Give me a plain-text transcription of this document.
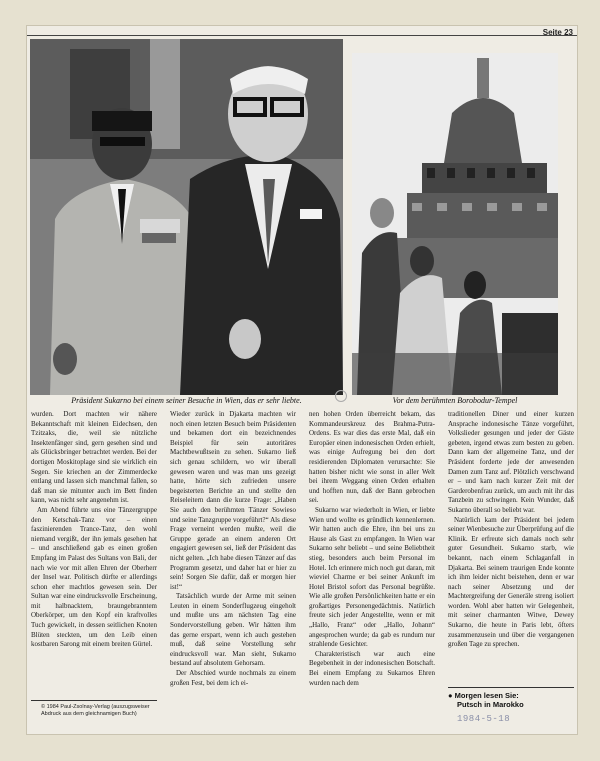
Seite 23
Präsident Sukarno bei einem seiner Besuche in Wien, das er sehr liebte.	Vor dem berühmten Borobodur-Tempel

wurden. Dort machten wir nähere Bekanntschaft mit kleinen Eidechsen, den Tzitzaks, die, weil sie nützliche Insektenfänger sind, gern gesehen sind und als Glücksbringer betrachtet werden. Bei der dortigen Moskitoplage sind sie wirklich ein Segen. Sie kriechen an der Zimmerdecke entlang und lassen sich manchmal fallen, so daß man sie mitunter auch im Bett finden kann, was nicht sehr angenehm ist.

Am Abend führte uns eine Tänzergruppe den Ketschak-Tanz vor – einen faszinierenden Trance-Tanz, den wohl niemand vergißt, der ihn jemals gesehen hat – und anschließend gab es einen großen Empfang im Palast des Sultans von Bali, der nach wie vor mit allen Ehren der Oberherr der Insel war. Politisch dürfte er allerdings schon eher machtlos gewesen sein. Der Sultan war eine eindrucksvolle Erscheinung, mit halbnacktem, braungebranntem Oberkörper, um den Kopf ein kraftvolles Tuch gewickelt, in dessen seitlichen Knoten Blüten steckten, um den Leib einen kostbaren Sarong mit einem breiten Gürtel.

Wieder zurück in Djakarta machten wir noch einen letzten Besuch beim Präsidenten und bekamen dort ein bezeichnendes Beispiel für sein autoritäres Machtbewußtsein zu sehen. Sukarno ließ sich genau schildern, wo wir überall gewesen waren und was man uns gezeigt hatte, hörte sich zufrieden unsere begeisterten Berichte an und stellte den Reiseleitern dann die kurze Frage: „Haben Sie auch den berühmten Tänzer Sowieso und seine Tanzgruppe vorgeführt?“ Als diese Frage verneint werden mußte, weil die Gruppe gerade an einem anderen Ort engagiert gewesen sei, ließ der Präsident das nicht gelten. „Ich habe diesen Tänzer auf das Programm gesetzt, und daher hat er hier zu sein! Sorgen Sie dafür, daß er morgen hier ist!“

Tatsächlich wurde der Arme mit seinen Leuten in einem Sonderflugzeug eingeholt und mußte uns am nächsten Tag eine Sondervorstellung geben. Wir hätten ihm das gerne erspart, wenn ich auch gestehen muß, daß seine Vorstellung sehr eindrucksvoll war. Man sieht, Sukarno bestand auf absolutem Gehorsam.

Der Abschied wurde nochmals zu einem großen Fest, bei dem ich ei-

nen hohen Orden überreicht bekam, das Kommandeurskreuz des Brahma-Putra-Ordens. Es war dies das erste Mal, daß ein Europäer einen indonesischen Orden erhielt, was einige Aufregung bei den dort residierenden Diplomaten verursachte: Sie hatten bisher nicht wie sonst in aller Welt bei ihrem Weggang einen Orden erhalten und hofften nun, daß der Bann gebrochen sei.

Sukarno war wiederholt in Wien, er liebte Wien und wollte es gründlich kennenlernen. Wir hatten auch die Ehre, ihn bei uns zu Hause als Gast zu empfangen. In Wien war Sukarno sehr beliebt – und seine Beliebtheit stieg, besonders auch beim Personal im Hotel. Ich erinnere mich noch gut daran, mit wieviel Charme er bei seiner Ankunft im Hotel Bristol sofort das Personal begrüßte. Wie alle großen Persönlichkeiten hatte er ein großartiges Personengedächtnis. Natürlich freute sich jeder Angestellte, wenn er mit „Hallo, Franz“ oder „Hallo, Johann“ angesprochen wurde; da gab es rundum nur strahlende Gesichter.

Charakteristisch war auch eine Begebenheit in der indonesischen Botschaft. Bei einem Empfang zu Sukarnos Ehren wurden nach dem

traditionellen Diner und einer kurzen Ansprache indonesische Tänze vorgeführt, Volkslieder gesungen und jeder der Gäste gebeten, irgend etwas zum besten zu geben. Dann kam der allgemeine Tanz, und der Präsident forderte jede der anwesenden Damen zum Tanz auf. Plötzlich verschwand er – und kam nach kurzer Zeit mit der Garderobenfrau zurück, um auch mit ihr das Tanzbein zu schwingen. Kein Wunder, daß Sukarno überall so beliebt war.

Natürlich kam der Präsident bei jedem seiner Wienbesuche zur Überprüfung auf die Klinik. Er erfreute sich damals noch sehr guter Gesundheit. Sukarno starb, wie bekannt, nach einem Schlaganfall in Djakarta. Bei seinem traurigen Ende konnte ich ihm leider nicht beistehen, denn er war nach seiner Absetzung und der Machtergreifung der Generäle streng isoliert worden. Wohl aber hatten wir Gelegenheit, mit seiner charmanten Witwe, Dewey Sukarno, die heute in Paris lebt, öfters zusammenzusein und über die vergangenen großen Tage zu sprechen.

© 1984 Paul-Zsolnay-Verlag (auszugsweiser Abdruck aus dem gleichnamigen Buch)
● Morgen lesen Sie:
Putsch in Marokko
1984-5-18
